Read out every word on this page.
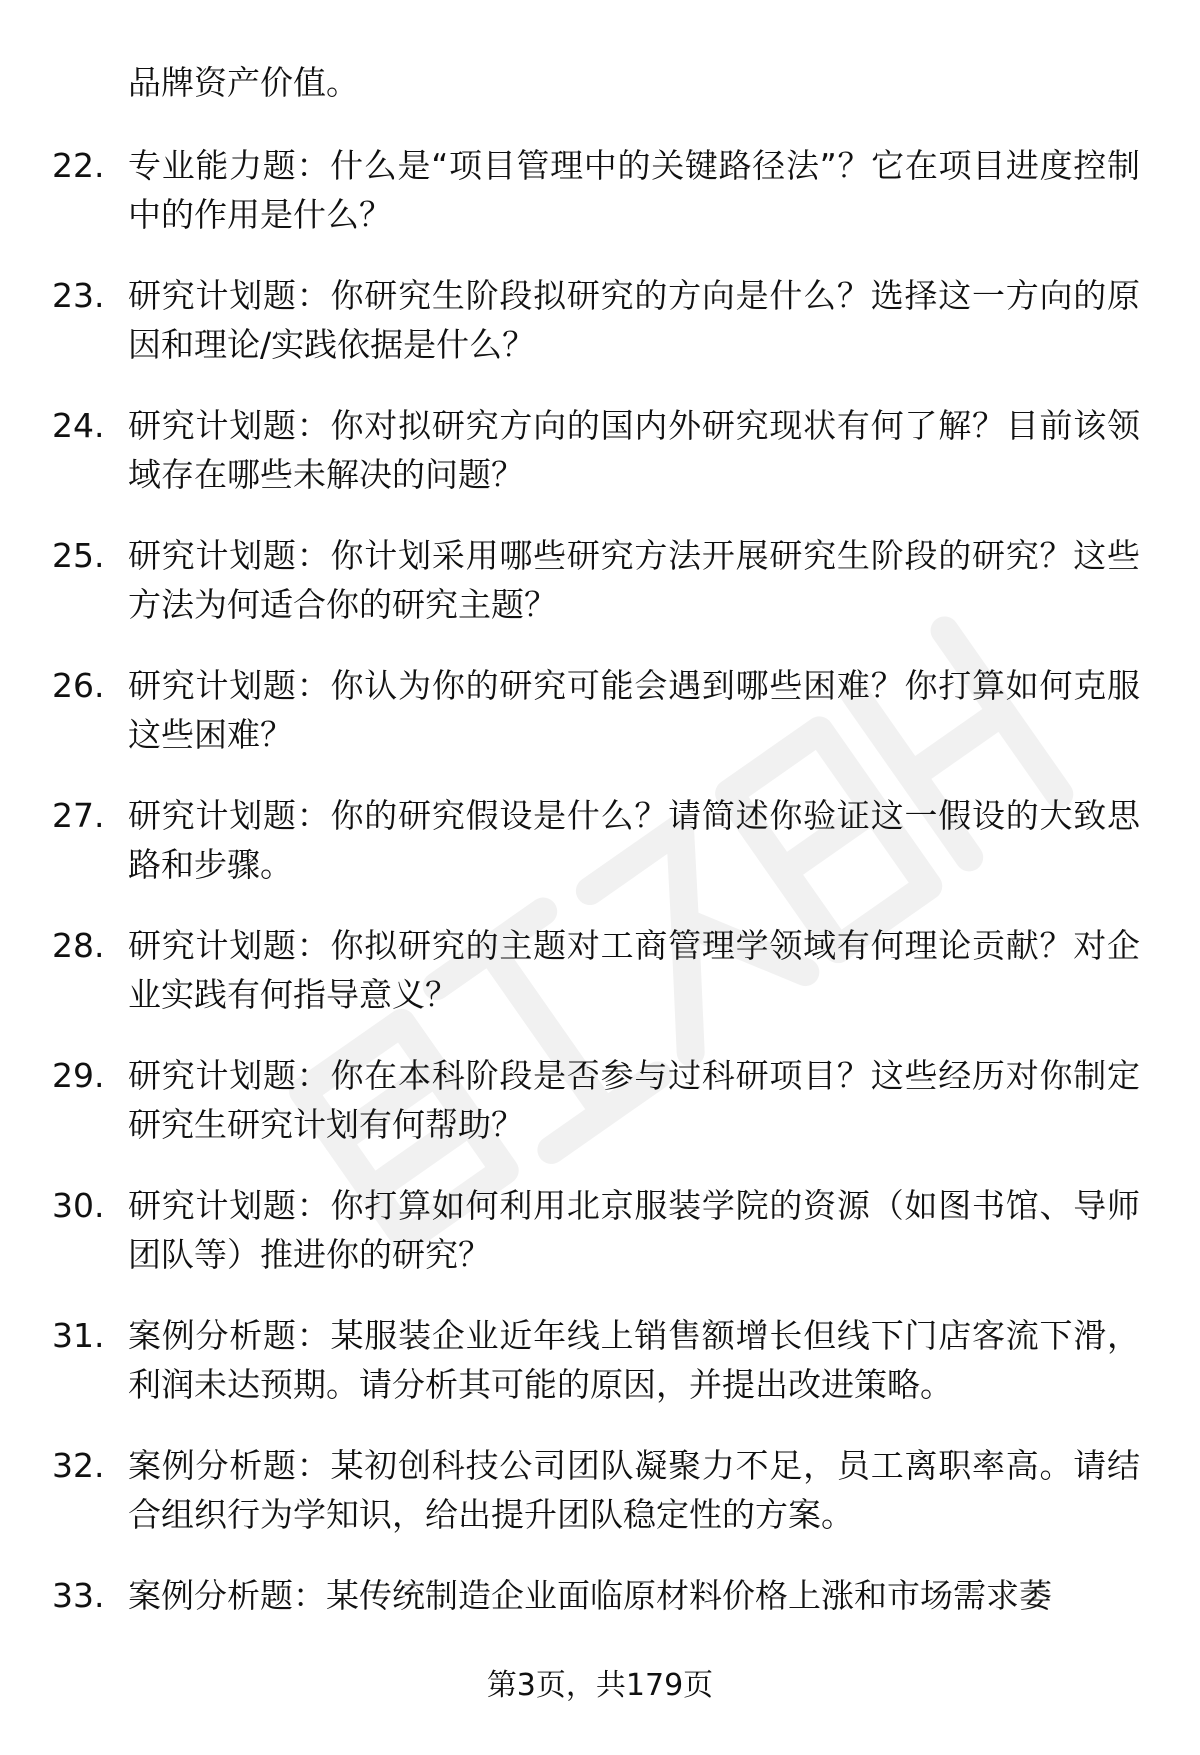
品牌资产价值。
22. 专业能力题：什么是“项目管理中的关键路径法”？它在项目进度控制中的作用是什么？
23. 研究计划题：你研究生阶段拟研究的方向是什么？选择这一方向的原因和理论/实践依据是什么？
24. 研究计划题：你对拟研究方向的国内外研究现状有何了解？目前该领域存在哪些未解决的问题？
25. 研究计划题：你计划采用哪些研究方法开展研究生阶段的研究？这些方法为何适合你的研究主题？
26. 研究计划题：你认为你的研究可能会遇到哪些困难？你打算如何克服这些困难？
27. 研究计划题：你的研究假设是什么？请简述你验证这一假设的大致思路和步骤。
28. 研究计划题：你拟研究的主题对工商管理学领域有何理论贡献？对企业实践有何指导意义？
29. 研究计划题：你在本科阶段是否参与过科研项目？这些经历对你制定研究生研究计划有何帮助？
30. 研究计划题：你打算如何利用北京服装学院的资源（如图书馆、导师团队等）推进你的研究？
31. 案例分析题：某服装企业近年线上销售额增长但线下门店客流下滑，利润未达预期。请分析其可能的原因，并提出改进策略。
32. 案例分析题：某初创科技公司团队凝聚力不足，员工离职率高。请结合组织行为学知识，给出提升团队稳定性的方案。
33. 案例分析题：某传统制造企业面临原材料价格上涨和市场需求萎
第3页，共179页
